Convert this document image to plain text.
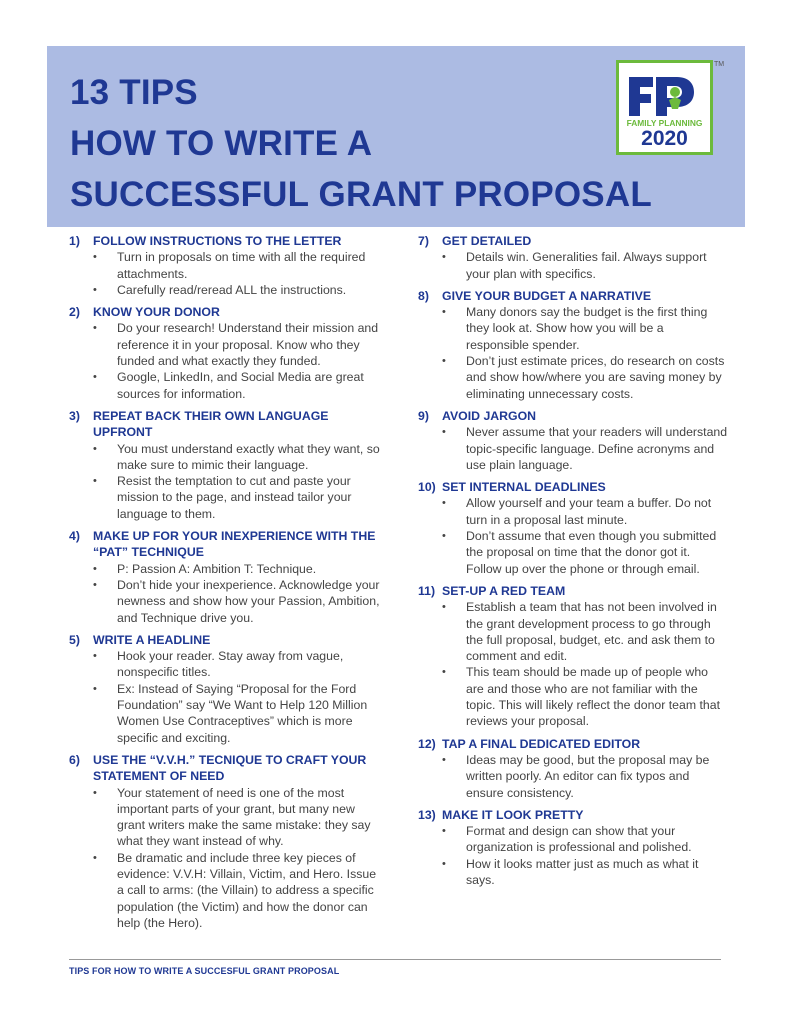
13 TIPS
HOW TO WRITE A
SUCCESSFUL GRANT PROPOSAL
FAMILY PLANNING
2020
TM
1)	FOLLOW INSTRUCTIONS TO THE LETTER
• Turn in proposals on time with all the required attachments.
• Carefully read/reread ALL the instructions.
2)	KNOW YOUR DONOR
• Do your research! Understand their mission and reference it in your proposal. Know who they funded and what exactly they funded.
• Google, LinkedIn, and Social Media are great sources for information.
3)	REPEAT BACK THEIR OWN LANGUAGE UPFRONT
• You must understand exactly what they want, so make sure to mimic their language.
• Resist the temptation to cut and paste your mission to the page, and instead tailor your language to them.
4)	MAKE UP FOR YOUR INEXPERIENCE WITH THE “PAT” TECHNIQUE
• P: Passion A: Ambition T: Technique.
• Don’t hide your inexperience. Acknowledge your newness and show how your Passion, Ambition, and Technique drive you.
5)	WRITE A HEADLINE
• Hook your reader. Stay away from vague, nonspecific titles.
• Ex: Instead of Saying “Proposal for the Ford Foundation” say “We Want to Help 120 Million Women Use Contraceptives” which is more specific and exciting.
6)	USE THE “V.V.H.” TECNIQUE TO CRAFT YOUR STATEMENT OF NEED
• Your statement of need is one of the most important parts of your grant, but many new grant writers make the same mistake: they say what they want instead of why.
• Be dramatic and include three key pieces of evidence: V.V.H: Villain, Victim, and Hero. Issue a call to arms: (the Villain) to address a specific population (the Victim) and how the donor can help (the Hero).
7)	GET DETAILED
• Details win. Generalities fail. Always support your plan with specifics.
8)	GIVE YOUR BUDGET A NARRATIVE
• Many donors say the budget is the first thing they look at. Show how you will be a responsible spender.
• Don’t just estimate prices, do research on costs and show how/where you are saving money by eliminating unnecessary costs.
9)	AVOID JARGON
• Never assume that your readers will understand topic-specific language. Define acronyms and use plain language.
10) SET INTERNAL DEADLINES
• Allow yourself and your team a buffer. Do not turn in a proposal last minute.
• Don’t assume that even though you submitted the proposal on time that the donor got it. Follow up over the phone or through email.
11) SET-UP A RED TEAM
• Establish a team that has not been involved in the grant development process to go through the full proposal, budget, etc. and ask them to comment and edit.
• This team should be made up of people who are and those who are not familiar with the topic. This will likely reflect the donor team that reviews your proposal.
12) TAP A FINAL DEDICATED EDITOR
• Ideas may be good, but the proposal may be written poorly. An editor can fix typos and ensure consistency.
13) MAKE IT LOOK PRETTY
• Format and design can show that your organization is professional and polished.
• How it looks matter just as much as what it says.
TIPS FOR HOW TO WRITE A SUCCESFUL GRANT PROPOSAL
